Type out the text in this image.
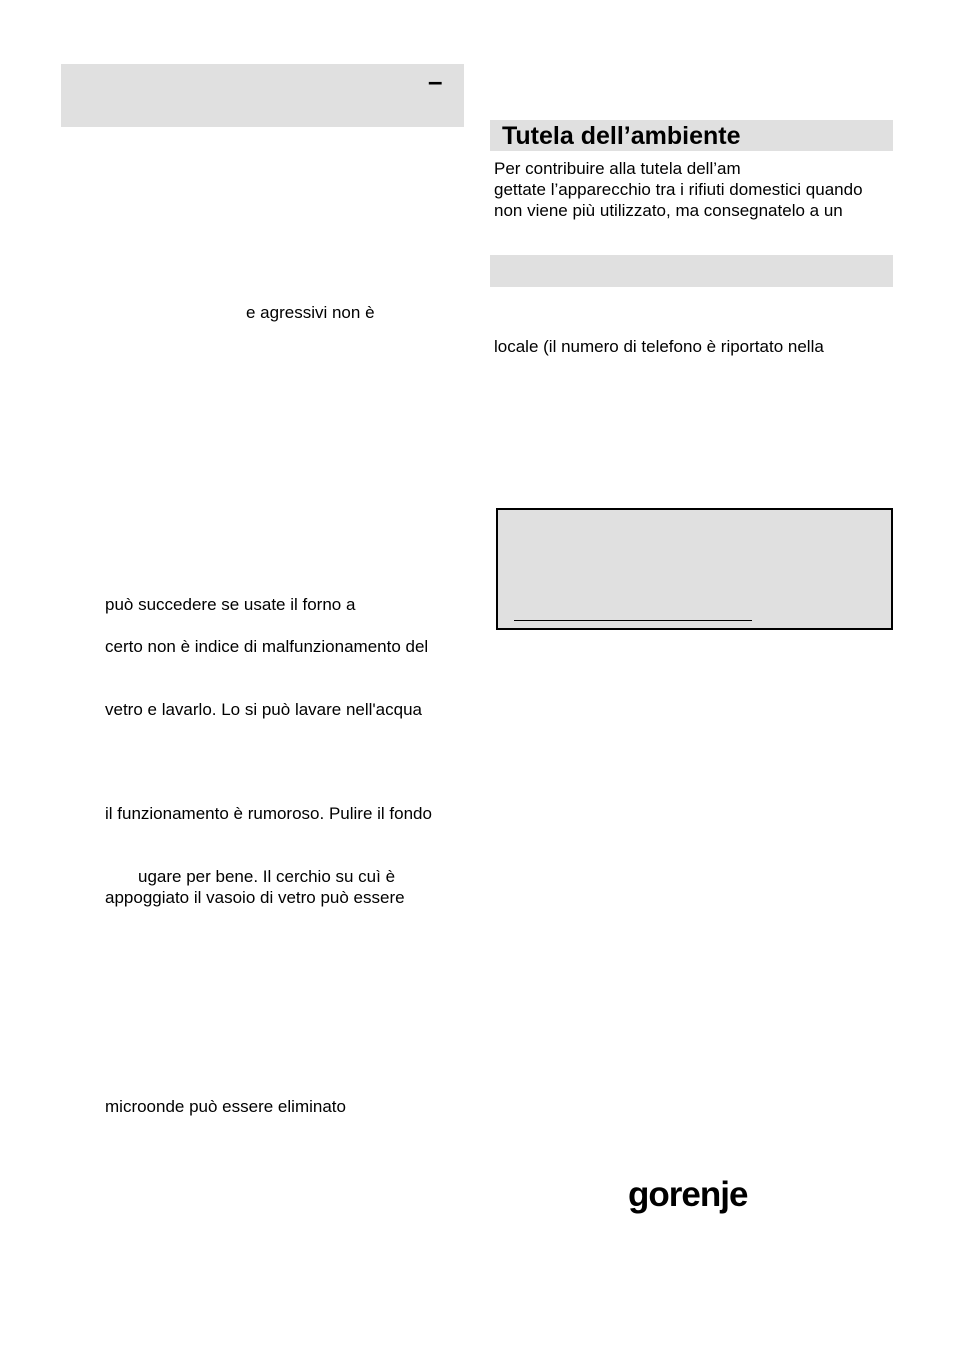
–
e agressivi non è
può succedere se usate il forno a
certo non è indice di malfunzionamento del
vetro e lavarlo. Lo si può lavare nell'acqua
il funzionamento è rumoroso. Pulire il fondo
ugare per bene. Il cerchio su cuì è
appoggiato il vasoio di vetro può essere
microonde può essere eliminato
Tutela dell’ambiente
Per contribuire alla tutela dell’am
gettate l’apparecchio tra i rifiuti domestici quando
non viene più utilizzato, ma consegnatelo a un
locale (il numero di telefono è riportato nella
gorenje
